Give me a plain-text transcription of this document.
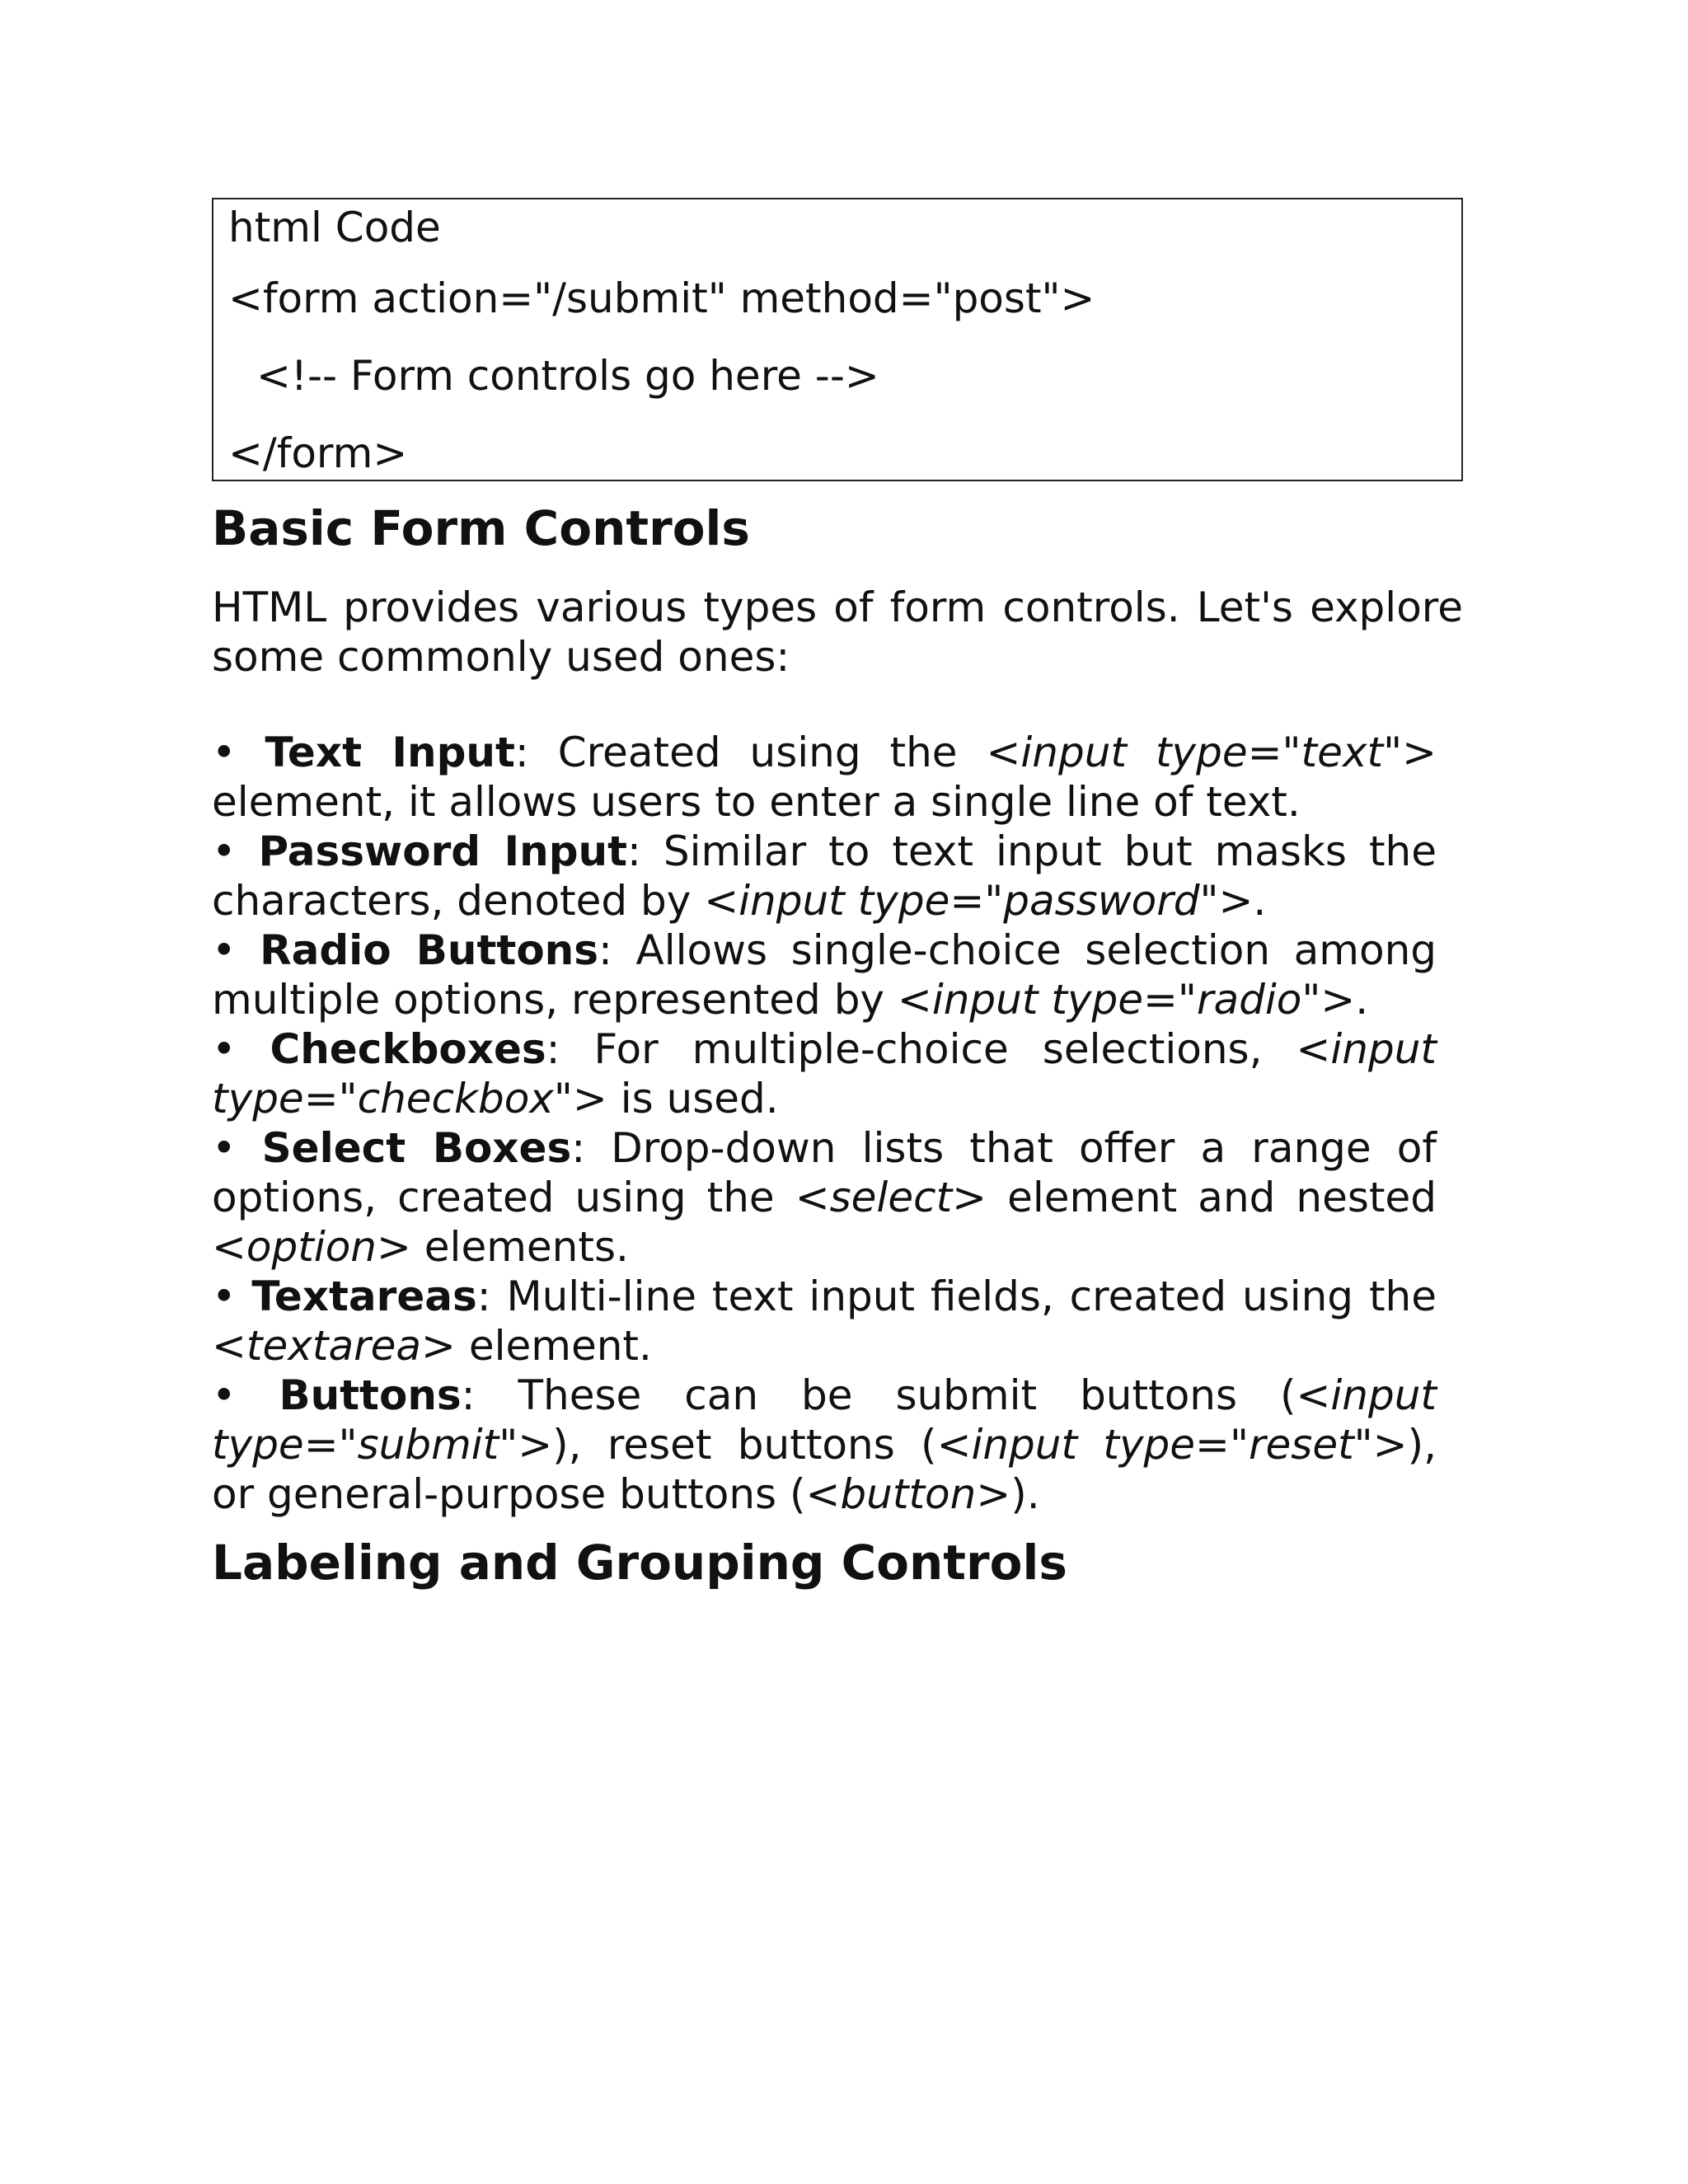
html Code
<form action="/submit" method="post">
<!-- Form controls go here -->
</form>
Basic Form Controls
HTML provides various types of form controls. Let's explore some commonly used ones:
• Text Input: Created using the <input type="text"> element, it allows users to enter a single line of text.
• Password Input: Similar to text input but masks the characters, denoted by <input type="password">.
• Radio Buttons: Allows single-choice selection among multiple options, represented by <input type="radio">.
• Checkboxes: For multiple-choice selections, <input type="checkbox"> is used.
• Select Boxes: Drop-down lists that offer a range of options, created using the <select> element and nested <option> elements.
• Textareas: Multi-line text input fields, created using the <textarea> element.
• Buttons: These can be submit buttons (<input type="submit">), reset buttons (<input type="reset">), or general-purpose buttons (<button>).
Labeling and Grouping Controls
